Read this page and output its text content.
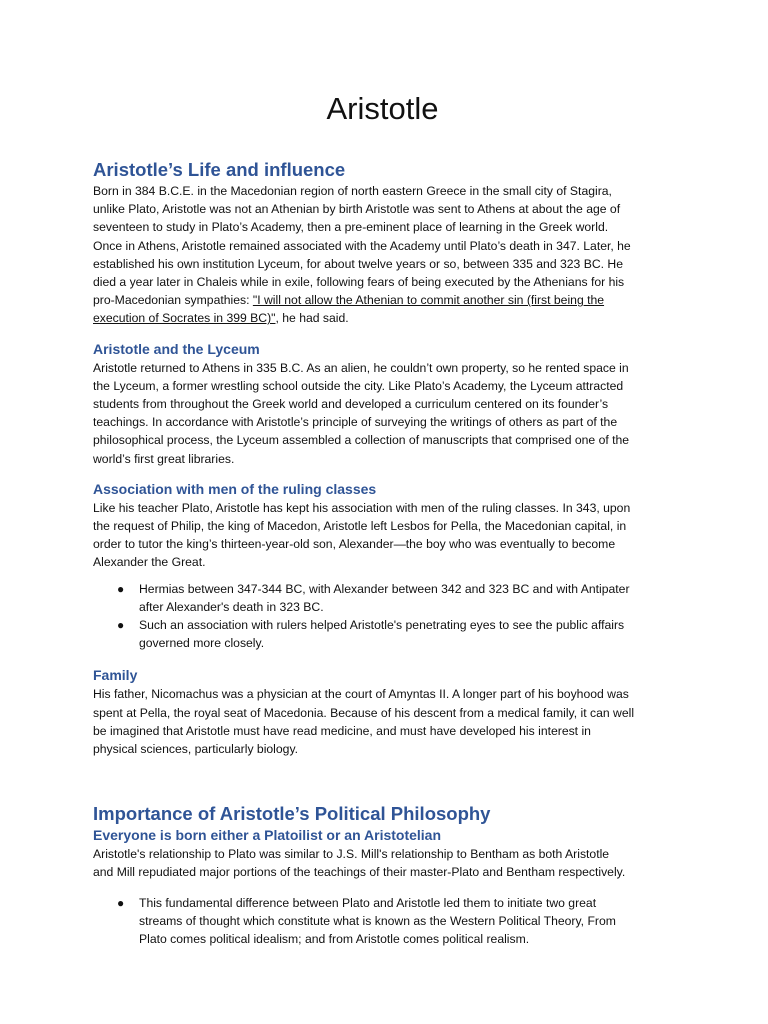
Aristotle
Aristotle’s Life and influence

Born in 384 B.C.E. in the Macedonian region of north eastern Greece in the small city of Stagira,
unlike Plato, Aristotle was not an Athenian by birth Aristotle was sent to Athens at about the age of
seventeen to study in Plato’s Academy, then a pre-eminent place of learning in the Greek world.
Once in Athens, Aristotle remained associated with the Academy until Plato’s death in 347. Later, he
established his own institution Lyceum, for about twelve years or so, between 335 and 323 BC. He
died a year later in Chaleis while in exile, following fears of being executed by the Athenians for his
pro-Macedonian sympathies: "I will not allow the Athenian to commit another sin (first being the
execution of Socrates in 399 BC)", he had said.

Aristotle and the Lyceum

Aristotle returned to Athens in 335 B.C. As an alien, he couldn’t own property, so he rented space in
the Lyceum, a former wrestling school outside the city. Like Plato’s Academy, the Lyceum attracted
students from throughout the Greek world and developed a curriculum centered on its founder’s
teachings. In accordance with Aristotle’s principle of surveying the writings of others as part of the
philosophical process, the Lyceum assembled a collection of manuscripts that comprised one of the
world’s first great libraries.

Association with men of the ruling classes

Like his teacher Plato, Aristotle has kept his association with men of the ruling classes. In 343, upon
the request of Philip, the king of Macedon, Aristotle left Lesbos for Pella, the Macedonian capital, in
order to tutor the king’s thirteen-year-old son, Alexander—the boy who was eventually to become
Alexander the Great.

● Hermias between 347-344 BC, with Alexander between 342 and 323 BC and with Antipater
after Alexander's death in 323 BC.
● Such an association with rulers helped Aristotle's penetrating eyes to see the public affairs
governed more closely.
Family

His father, Nicomachus was a physician at the court of Amyntas II. A longer part of his boyhood was
spent at Pella, the royal seat of Macedonia. Because of his descent from a medical family, it can well
be imagined that Aristotle must have read medicine, and must have developed his interest in
physical sciences, particularly biology.

Importance of Aristotle’s Political Philosophy
Everyone is born either a Platoilist or an Aristotelian

Aristotle's relationship to Plato was similar to J.S. Mill's relationship to Bentham as both Aristotle
and Mill repudiated major portions of the teachings of their master-Plato and Bentham respectively.

● This fundamental difference between Plato and Aristotle led them to initiate two great
streams of thought which constitute what is known as the Western Political Theory, From
Plato comes political idealism; and from Aristotle comes political realism.
